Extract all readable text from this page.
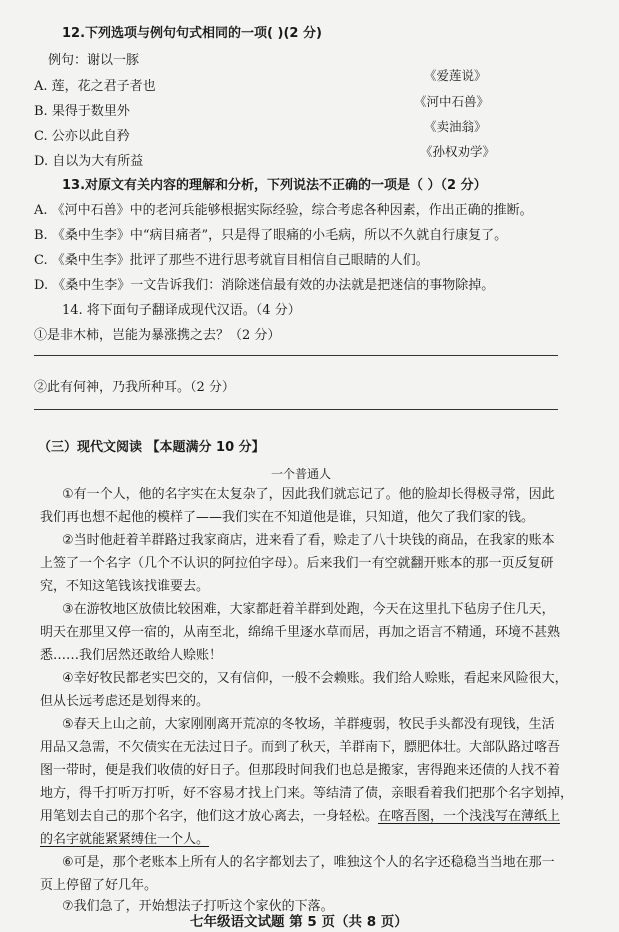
12.下列选项与例句句式相同的一项( )(2 分)
例句：谢以一豚
A. 莲，花之君子者也
《爱莲说》
B. 果得于数里外
《河中石兽》
C. 公亦以此自矜
《卖油翁》
D. 自以为大有所益
《孙权劝学》
13.对原文有关内容的理解和分析，下列说法不正确的一项是（ ）（2 分）
A. 《河中石兽》中的老河兵能够根据实际经验，综合考虑各种因素，作出正确的推断。
B. 《桑中生李》中“病目痛者”，只是得了眼痛的小毛病，所以不久就自行康复了。
C. 《桑中生李》批评了那些不进行思考就盲目相信自己眼睛的人们。
D. 《桑中生李》一文告诉我们：消除迷信最有效的办法就是把迷信的事物除掉。
14. 将下面句子翻译成现代汉语。（4 分）
①是非木柿，岂能为暴涨携之去？（2 分）
②此有何神，乃我所种耳。（2 分）
（三）现代文阅读 【本题满分 10 分】
一个普通人
①有一个人，他的名字实在太复杂了，因此我们就忘记了。他的脸却长得极寻常，因此
我们再也想不起他的模样了——我们实在不知道他是谁，只知道，他欠了我们家的钱。
②当时他赶着羊群路过我家商店，进来看了看，赊走了八十块钱的商品，在我家的账本
上签了一个名字（几个不认识的阿拉伯字母）。后来我们一有空就翻开账本的那一页反复研
究，不知这笔钱该找谁要去。
③在游牧地区放债比较困难，大家都赶着羊群到处跑，今天在这里扎下毡房子住几天，
明天在那里又停一宿的，从南至北，绵绵千里逐水草而居，再加之语言不精通，环境不甚熟
悉……我们居然还敢给人赊账！
④幸好牧民都老实巴交的，又有信仰，一般不会赖账。我们给人赊账，看起来风险很大，
但从长远考虑还是划得来的。
⑤春天上山之前，大家刚刚离开荒凉的冬牧场，羊群瘦弱，牧民手头都没有现钱，生活
用品又急需，不欠债实在无法过日子。而到了秋天，羊群南下，膘肥体壮。大部队路过喀吾
图一带时，便是我们收债的好日子。但那段时间我们也总是搬家，害得跑来还债的人找不着
地方，得千打听万打听，好不容易才找上门来。等结清了债，亲眼看着我们把那个名字划掉，
用笔划去自己的那个名字，他们这才放心离去，一身轻松。在喀吾图，一个浅浅写在薄纸上
的名字就能紧紧缚住一个人。
⑥可是，那个老账本上所有人的名字都划去了，唯独这个人的名字还稳稳当当地在那一
页上停留了好几年。
⑦我们急了，开始想法子打听这个家伙的下落。
七年级语文试题 第 5 页（共 8 页）
